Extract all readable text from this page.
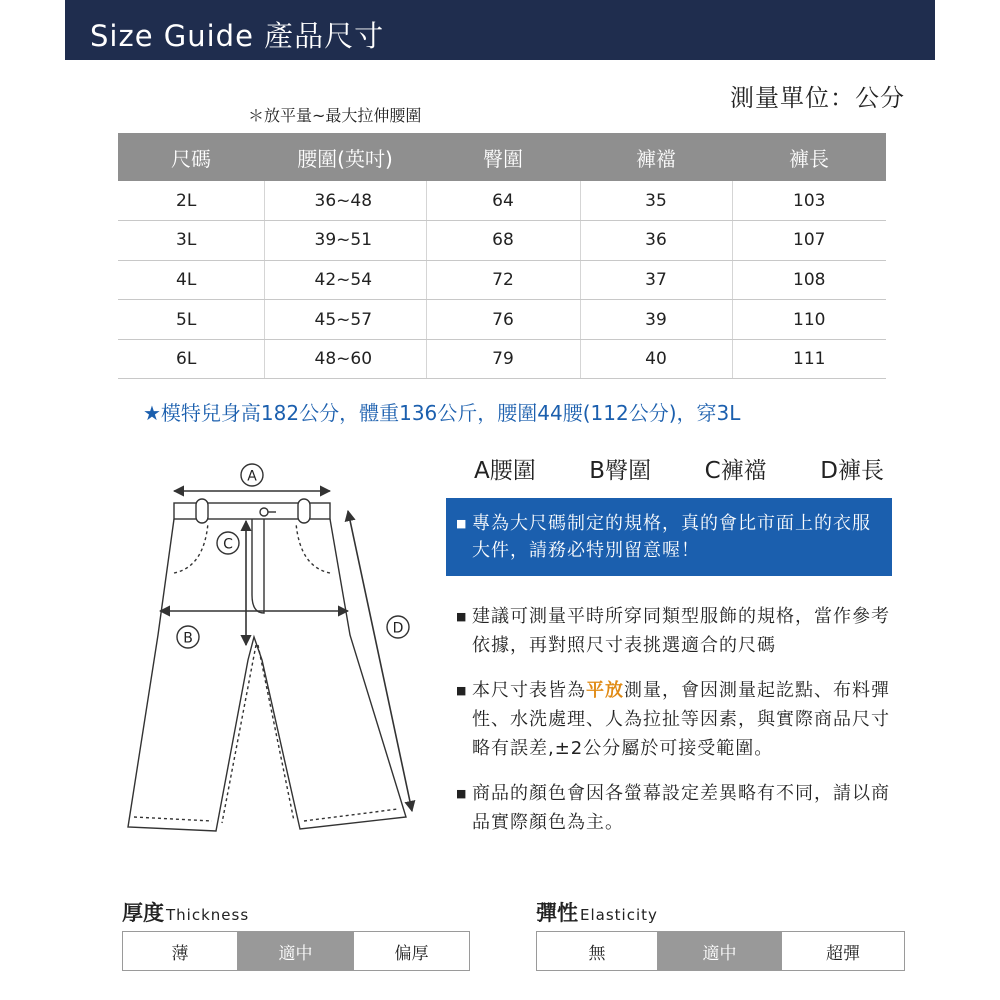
Size Guide 產品尺寸
測量單位：公分
＊放平量~最大拉伸腰圍
尺碼	腰圍(英吋)	臀圍	褲襠	褲長
2L	36~48	64	35	103
3L	39~51	68	36	107
4L	42~54	72	37	108
5L	45~57	76	39	110
6L	48~60	79	40	111
★模特兒身高182公分，體重136公斤，腰圍44腰(112公分)，穿3L
A
B
C
D
A腰圍 B臀圍 C褲襠 D褲長
■ 專為大尺碼制定的規格，真的會比市面上的衣服大件，請務必特別留意喔！
■ 建議可測量平時所穿同類型服飾的規格，當作參考依據，再對照尺寸表挑選適合的尺碼
■ 本尺寸表皆為平放測量，會因測量起訖點、布料彈性、水洗處理、人為拉扯等因素，與實際商品尺寸略有誤差,±2公分屬於可接受範圍。
■ 商品的顏色會因各螢幕設定差異略有不同，請以商品實際顏色為主。
厚度 Thickness
薄	適中	偏厚
彈性 Elasticity
無	適中	超彈
